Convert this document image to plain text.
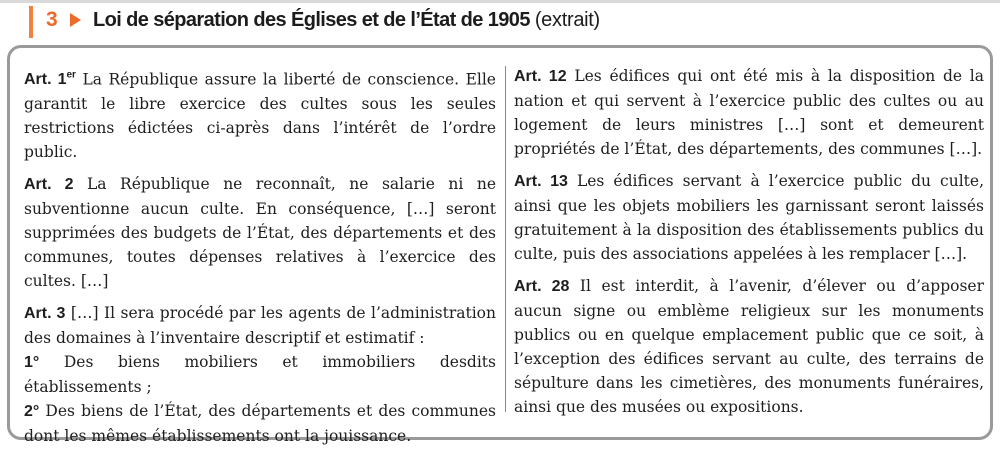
3 Loi de séparation des Églises et de l’État de 1905 (extrait)

Art. 1er La République assure la liberté de conscience. Elle garantit le libre exercice des cultes sous les seules restrictions édictées ci-après dans l’intérêt de l’ordre public.

Art. 2 La République ne reconnaît, ne salarie ni ne subventionne aucun culte. En conséquence, […] seront supprimées des budgets de l’État, des départements et des communes, toutes dépenses relatives à l’exercice des cultes. […]

Art. 3 […] Il sera procédé par les agents de l’administration des domaines à l’inventaire descriptif et estimatif :
1° Des biens mobiliers et immobiliers desdits établissements ;
2° Des biens de l’État, des départements et des communes dont les mêmes établissements ont la jouissance.

Art. 12 Les édifices qui ont été mis à la disposition de la nation et qui servent à l’exercice public des cultes ou au logement de leurs ministres […] sont et demeurent propriétés de l’État, des départements, des communes […].

Art. 13 Les édifices servant à l’exercice public du culte, ainsi que les objets mobiliers les garnissant seront laissés gratuitement à la disposition des établissements publics du culte, puis des associations appelées à les remplacer […].

Art. 28 Il est interdit, à l’avenir, d’élever ou d’apposer aucun signe ou emblème religieux sur les monuments publics ou en quelque emplacement public que ce soit, à l’exception des édifices servant au culte, des terrains de sépulture dans les cimetières, des monuments funéraires, ainsi que des musées ou expositions.
